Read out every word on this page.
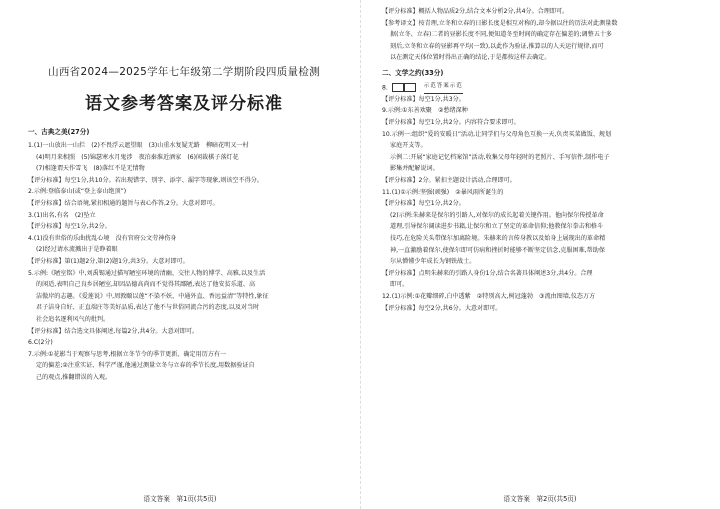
山西省2024—2025学年七年级第二学期阶段四质量检测
语文参考答案及评分标准
一、古典之美(27分)
1.(1)一山放出一山拦　(2)不畏浮云遮望眼　(3)山重水复疑无路　柳暗花明又一村
(4)明月来相照　(5)锦瑟寒水月鬼涉　夜泊秦淮近酒家　(6)闲裁棋子落灯花
(7)相逢谓天作雪飞　(8)落红不是无情物
【评分标准】每空1分,共10分。若出现错字、别字、添字、漏字等现象,则该空不得分。
2.示例:登临泰山(或“登上泰山绝顶”)
【评分标准】结合语境,紧扣相通的题旨与表心作答,2分。大意对即可。
3.(1)出名,有名　(2)坠立
【评分标准】每空1分,共2分。
4.(1)没有世俗的乐曲扰乱心境　没有官府公文劳神伤身
(2)经过请水流溅出于是睁着眼
【评分标准】第(1)题2分,第(2)题1分,共3分。大意对即可。
5.示例:《陋室铭》中,刘禹锡通过描写陋室环境的清幽、交往人物的博学、高雅,以及生活
的闲适,表明自己良乡居陋室,却因品德高尚而不觉得其鄙陋,表达了他安贫乐道、高
洁傲岸的志趣。《爱莲说》中,周敦颐以莲“不染不妖、中通外直、香远益清”等特性,象征
君子洁身自好、正直端庄等美好品质,表达了他不与世俗同流合污的态度,以及对当时
社会追名逐利风气的批判。
【评分标准】结合选文具体阐述,每篇2分,共4分。大意对即可。
6.C(2分)
7.示例:①花影当于观察与思考,根据立冬节令的季节更新、确定用历方有一
定的偏差;②注重实证、科学严谨,他通过测量立冬与立春的季节长度,用数据验证自
己的观点,推翻错误的入观。
语文答案　第1页(共5页)
【评分标准】概括人物品质2分,结合文本分析2分,共4分。合理即可。
【参考译文】按青理,立冬和立春的日影长度是相互对称的,却今据以往的历法对此测量数
据(立冬、立春)二者的昼影长度不同,便知道冬至时间的确定存在偏差的;调整五十多
刻后,立冬和立春的昼影再平均(一致),以此作为验证,推算以的人天运行规律,而可
以在测定天体位置时得出正确的结论,于是都按这样去确定。
二、文学之约(33分)
8.	示范答案示范
【评分标准】每空1分,共3分。
9.示例:①东善欢聚　②愁绪深种
【评分标准】每空1分,共2分。内容符合要求即可。
10.示例一:组织“爱的安暖日”活动,让同学们与父母角色互换一天,负责买菜做饭、规划
家庭开支等。
示例二:开展“家庭记忆档案馆”活动,收集父母年轻时的老照片、手写信件,制作电子
影集并配解说词。
【评分标准】2分。紧扣主题设计活动,合理即可。
11.(1)①示例:坚强(顽强)　②暴风雨所诞生的
【评分标准】每空1分,共2分。
(2)示例:朱赫来是保尔的引路人,对保尔的成长起着关键作用。他向保尔传授革命
道理,引导保尔阔读进步书籍,让保尔和立了坚定的革命信仰;他教保尔拳击和格斗
技巧,在危险关头带保尔加离险境。朱赫来的言传身教以及始身上展现出的革命精
神,一直激励着保尔,使保尔即可仿病和挫折时能够不断坚定信念,克服困难,帮助保
尔从懵懂少年成长为钢铁战士。
【评分标准】点明朱赫来的引路人身份1分,结合名著具体阐述3分,共4分。合理
即可。
12.(1)示例:①花瓣细碎,白中透紫　②特别高大,树冠蓬勃　③流由图墙,仪态万方
【评分标准】每空2分,共6分。大意对即可。
语文答案　第2页(共5页)
